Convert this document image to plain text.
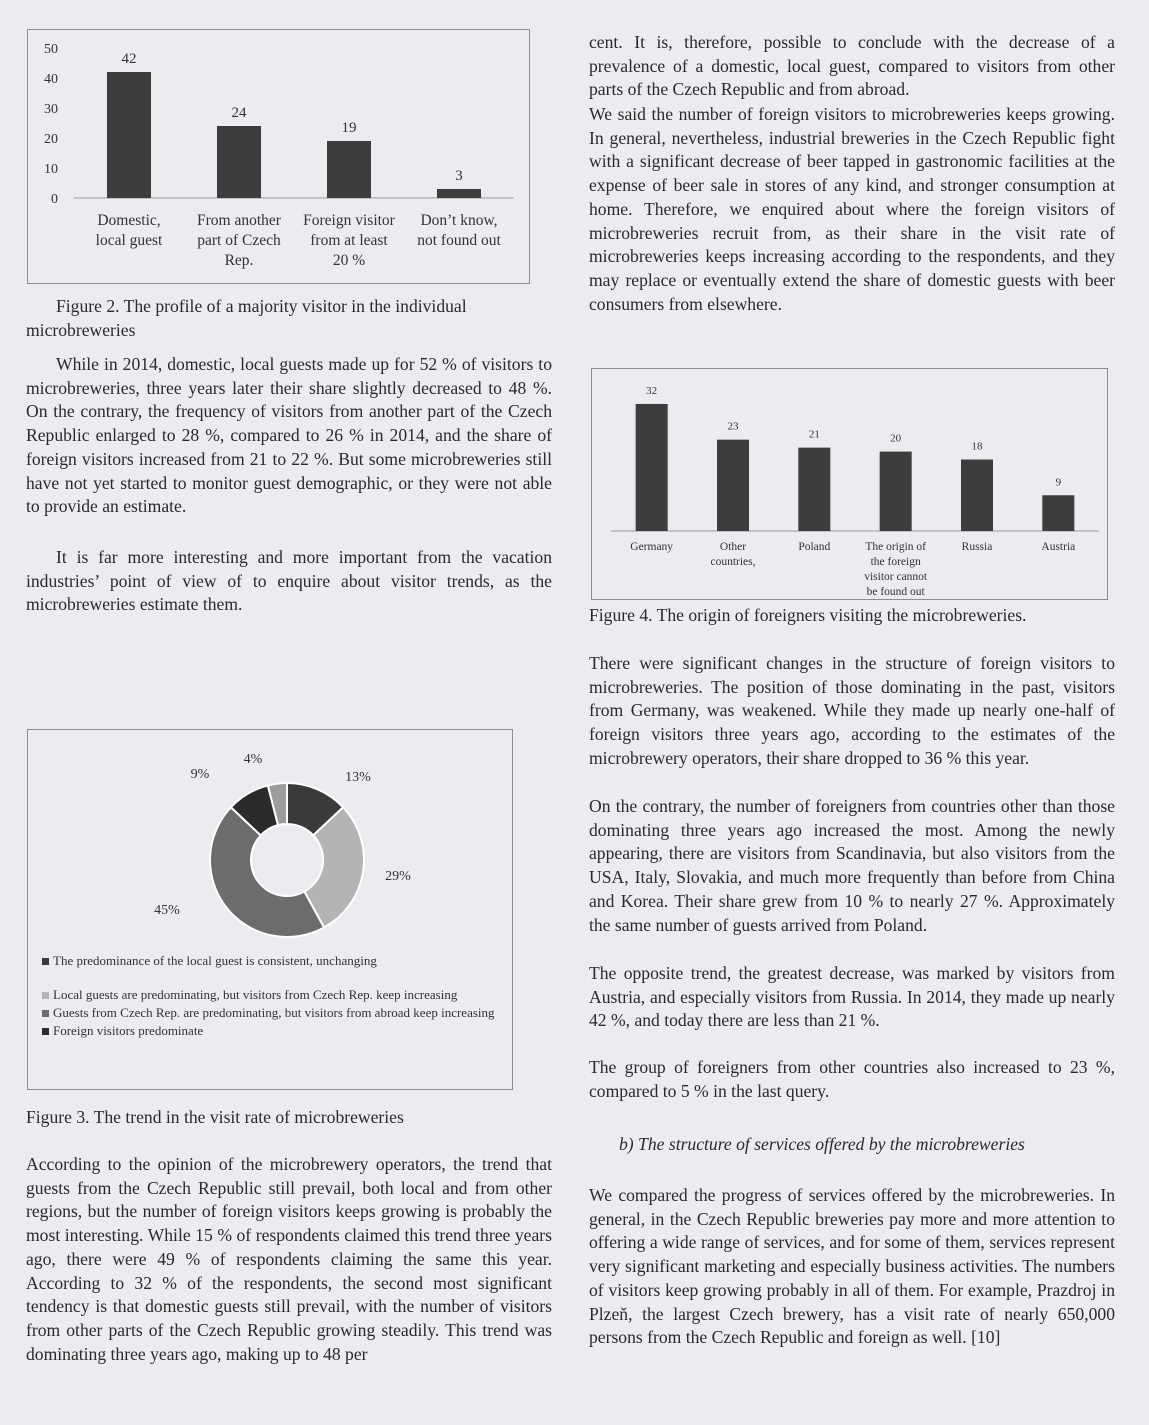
0
10
20
30
40
50
42
Domestic,
local guest
24
From another
part of Czech
Rep.
19
Foreign visitor
from at least
20 %
3
Don’t know,
not found out

Figure 2. The profile of a majority visitor in the individual microbreweries

While in 2014, domestic, local guests made up for 52 % of visitors to microbreweries, three years later their share slightly decreased to 48 %. On the contrary, the frequency of visitors from another part of the Czech Republic enlarged to 28 %, compared to 26 % in 2014, and the share of foreign visitors increased from 21 to 22 %. But some microbreweries still have not yet started to monitor guest demographic, or they were not able to provide an estimate.

It is far more interesting and more important from the vacation industries’ point of view of to enquire about visitor trends, as the microbreweries estimate them.

13%
29%
45%
9%
4%
The predominance of the local guest is consistent, unchanging
Local guests are predominating, but visitors from Czech Rep. keep increasing
Guests from Czech Rep. are predominating, but visitors from abroad keep increasing
Foreign visitors predominate

Figure 3. The trend in the visit rate of microbreweries

According to the opinion of the microbrewery operators, the trend that guests from the Czech Republic still prevail, both local and from other regions, but the number of foreign visitors keeps growing is probably the most interesting. While 15 % of respondents claimed this trend three years ago, there were 49 % of respondents claiming the same this year. According to 32 % of the respondents, the second most significant tendency is that domestic guests still prevail, with the number of visitors from other parts of the Czech Republic growing steadily. This trend was dominating three years ago, making up to 48 per

cent. It is, therefore, possible to conclude with the decrease of a prevalence of a domestic, local guest, compared to visitors from other parts of the Czech Republic and from abroad.

We said the number of foreign visitors to microbreweries keeps growing. In general, nevertheless, industrial breweries in the Czech Republic fight with a significant decrease of beer tapped in gastronomic facilities at the expense of beer sale in stores of any kind, and stronger consumption at home. Therefore, we enquired about where the foreign visitors of microbreweries recruit from, as their share in the visit rate of microbreweries keeps increasing according to the respondents, and they may replace or eventually extend the share of domestic guests with beer consumers from elsewhere.

32
Germany
23
Other
countries,
21
Poland
20
The origin of
the foreign
visitor cannot
be found out
18
Russia
9
Austria

Figure 4. The origin of foreigners visiting the microbreweries.

There were significant changes in the structure of foreign visitors to microbreweries. The position of those dominating in the past, visitors from Germany, was weakened. While they made up nearly one-half of foreign visitors three years ago, according to the estimates of the microbrewery operators, their share dropped to 36 % this year.

On the contrary, the number of foreigners from countries other than those dominating three years ago increased the most. Among the newly appearing, there are visitors from Scandinavia, but also visitors from the USA, Italy, Slovakia, and much more frequently than before from China and Korea. Their share grew from 10 % to nearly 27 %. Approximately the same number of guests arrived from Poland.

The opposite trend, the greatest decrease, was marked by visitors from Austria, and especially visitors from Russia. In 2014, they made up nearly 42 %, and today there are less than 21 %.

The group of foreigners from other countries also increased to 23 %, compared to 5 % in the last query.

b) The structure of services offered by the microbreweries

We compared the progress of services offered by the microbreweries. In general, in the Czech Republic breweries pay more and more attention to offering a wide range of services, and for some of them, services represent very significant marketing and especially business activities. The numbers of visitors keep growing probably in all of them. For example, Prazdroj in Plzeň, the largest Czech brewery, has a visit rate of nearly 650,000 persons from the Czech Republic and foreign as well. [10]
